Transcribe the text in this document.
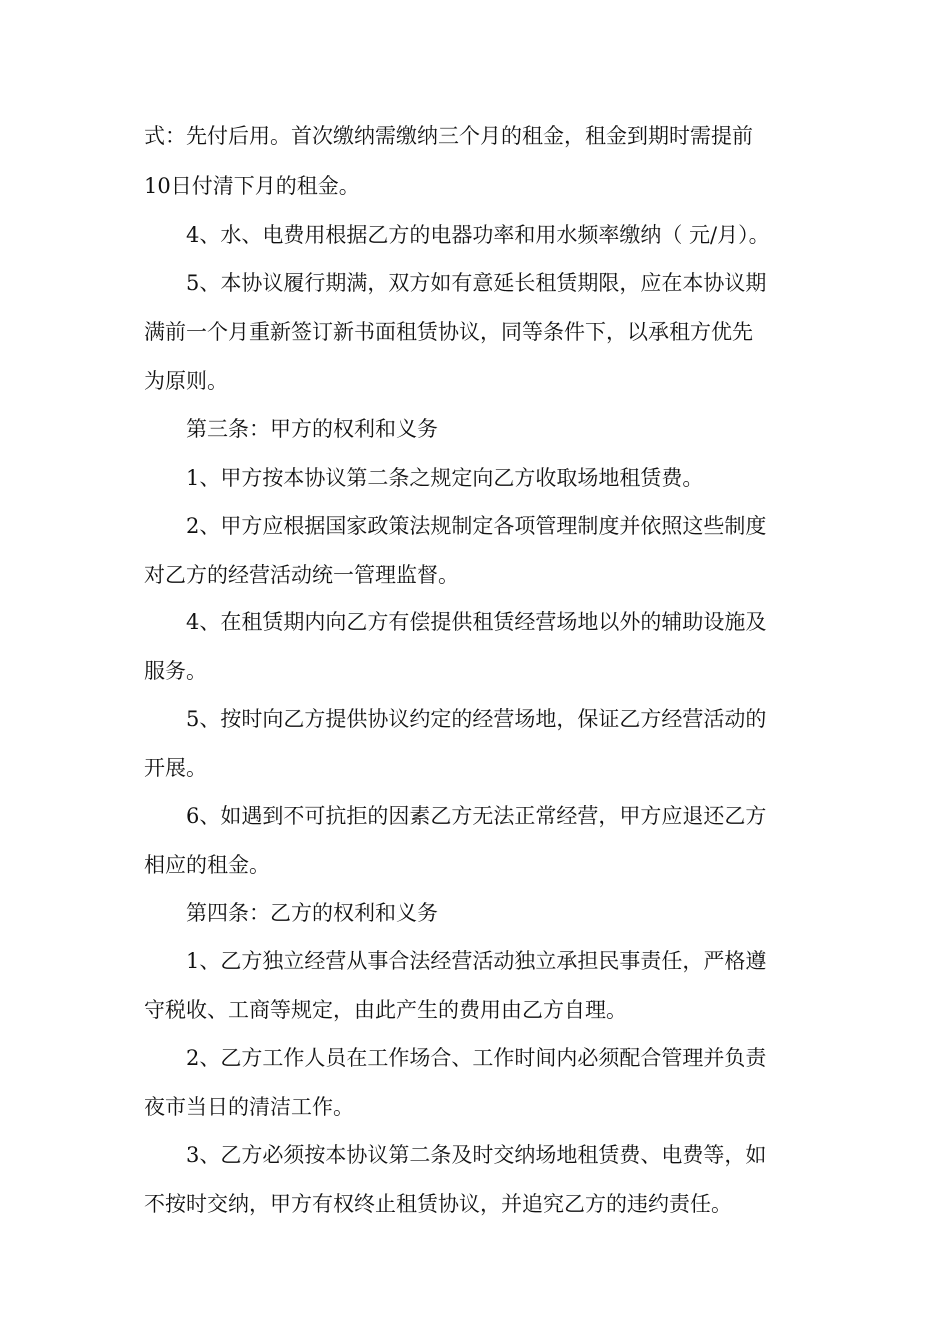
式：先付后用。首次缴纳需缴纳三个月的租金，租金到期时需提前
10日付清下月的租金。
4、水、电费用根据乙方的电器功率和用水频率缴纳（ 元/月）。
5、本协议履行期满，双方如有意延长租赁期限，应在本协议期
满前一个月重新签订新书面租赁协议，同等条件下，以承租方优先
为原则。
第三条：甲方的权利和义务
1、甲方按本协议第二条之规定向乙方收取场地租赁费。
2、甲方应根据国家政策法规制定各项管理制度并依照这些制度
对乙方的经营活动统一管理监督。
4、在租赁期内向乙方有偿提供租赁经营场地以外的辅助设施及
服务。
5、按时向乙方提供协议约定的经营场地，保证乙方经营活动的
开展。
6、如遇到不可抗拒的因素乙方无法正常经营，甲方应退还乙方
相应的租金。
第四条：乙方的权利和义务
1、乙方独立经营从事合法经营活动独立承担民事责任，严格遵
守税收、工商等规定，由此产生的费用由乙方自理。
2、乙方工作人员在工作场合、工作时间内必须配合管理并负责
夜市当日的清洁工作。
3、乙方必须按本协议第二条及时交纳场地租赁费、电费等，如
不按时交纳，甲方有权终止租赁协议，并追究乙方的违约责任。
